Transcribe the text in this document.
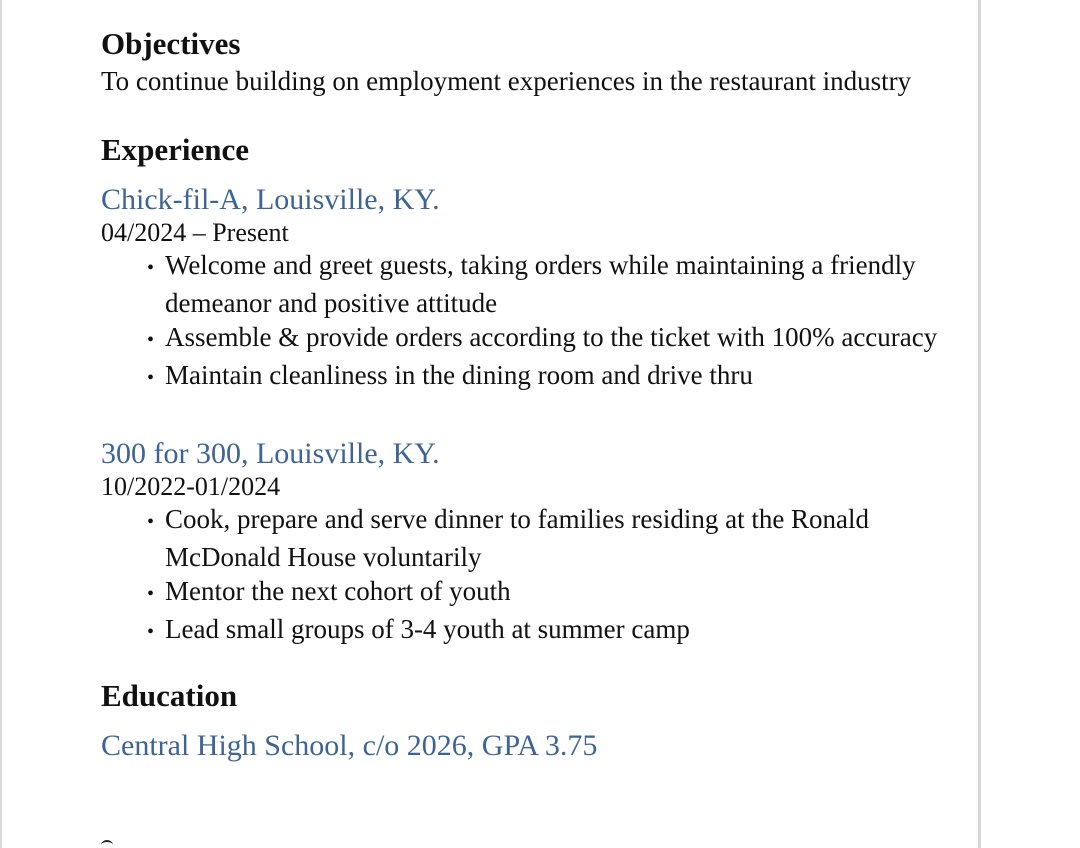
Objectives

To continue building on employment experiences in the restaurant industry

Experience

Chick-fil-A, Louisville, KY.

04/2024 – Present

• Welcome and greet guests, taking orders while maintaining a friendly demeanor and positive attitude
• Assemble & provide orders according to the ticket with 100% accuracy
• Maintain cleanliness in the dining room and drive thru

300 for 300, Louisville, KY.

10/2022-01/2024

• Cook, prepare and serve dinner to families residing at the Ronald McDonald House voluntarily
• Mentor the next cohort of youth
• Lead small groups of 3-4 youth at summer camp
Education

Central High School, c/o 2026, GPA 3.75
